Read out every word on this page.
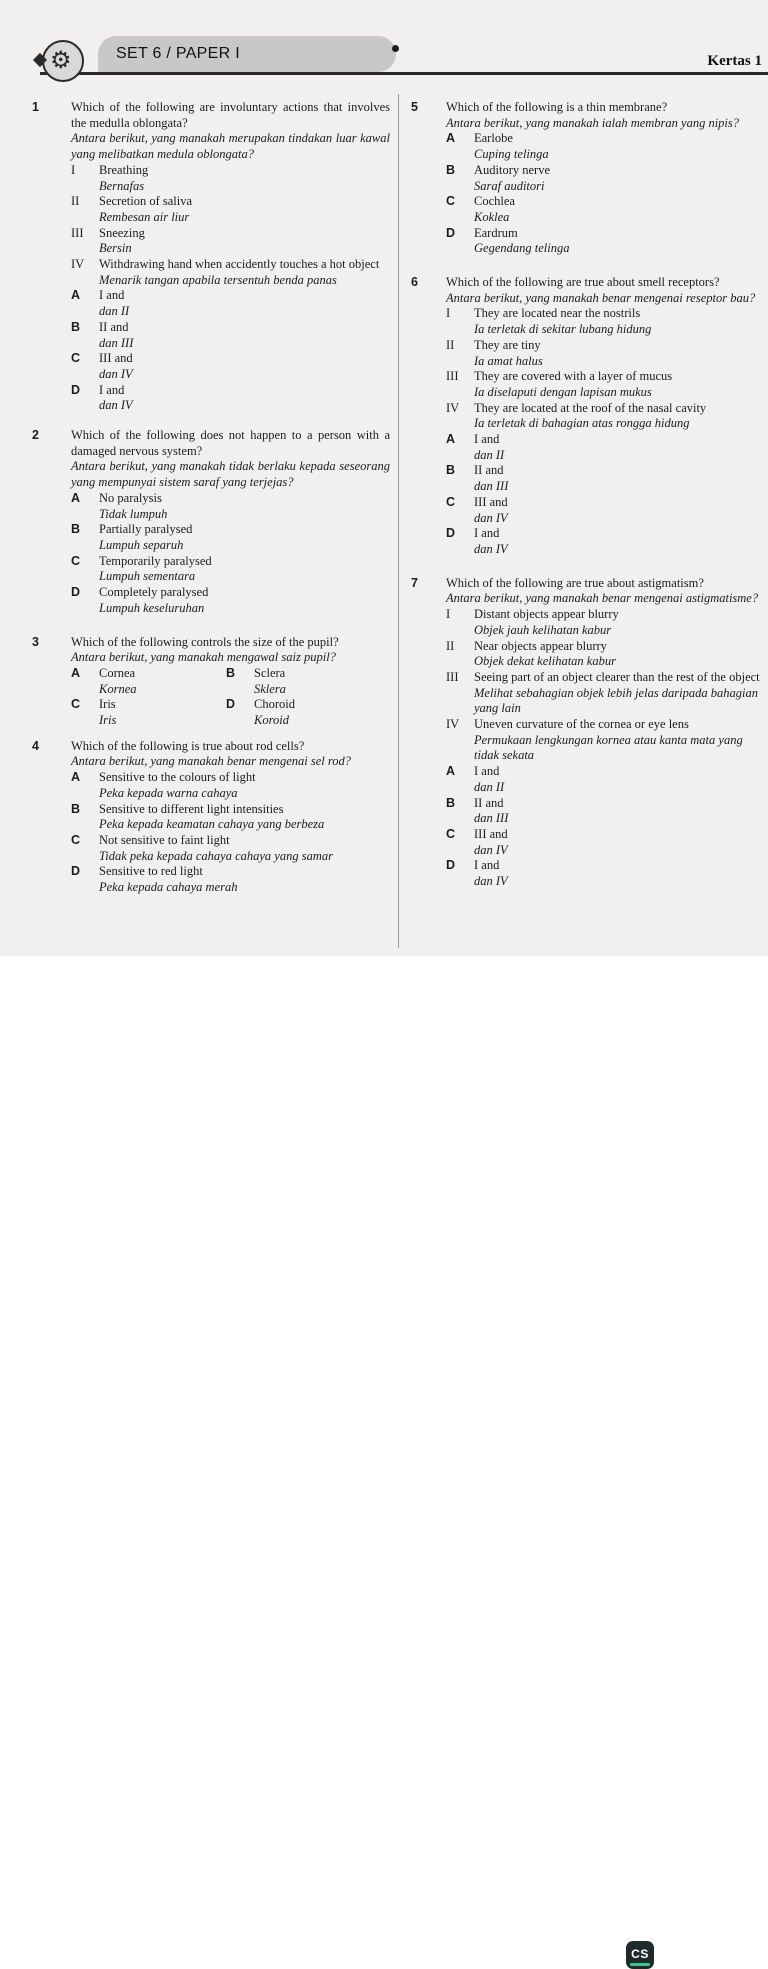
⚙	SET 6 / PAPER I	Kertas 1
1	Which of the following are involuntary actions that involves the medulla oblongata?
Antara berikut, yang manakah merupakan tindakan luar kawal yang melibatkan medula oblongata?
I Breathing
Bernafas
II Secretion of saliva
Rembesan air liur
III Sneezing
Bersin
IV Withdrawing hand when accidently touches a hot object
Menarik tangan apabila tersentuh benda panas
A I and
dan II
B II and
dan III
C III and
dan IV
D I and
dan IV
2	Which of the following does not happen to a person with a damaged nervous system?
Antara berikut, yang manakah tidak berlaku kepada seseorang yang mempunyai sistem saraf yang terjejas?
A No paralysis
Tidak lumpuh
B Partially paralysed
Lumpuh separuh
C Temporarily paralysed
Lumpuh sementara
D Completely paralysed
Lumpuh keseluruhan
3	Which of the following controls the size of the pupil?
Antara berikut, yang manakah mengawal saiz pupil?
A Cornea
Kornea
B Sclera
Sklera
C Iris
Iris
D Choroid
Koroid
4	Which of the following is true about rod cells?
Antara berikut, yang manakah benar mengenai sel rod?
A Sensitive to the colours of light
Peka kepada warna cahaya
B Sensitive to different light intensities
Peka kepada keamatan cahaya yang berbeza
C Not sensitive to faint light
Tidak peka kepada cahaya cahaya yang samar
D Sensitive to red light
Peka kepada cahaya merah
5 Which of the following is a thin membrane?
Antara berikut, yang manakah ialah membran yang nipis?
A Earlobe
Cuping telinga
B Auditory nerve
Saraf auditori
C Cochlea
Koklea
D Eardrum
Gegendang telinga
6 Which of the following are true about smell receptors?
Antara berikut, yang manakah benar mengenai reseptor bau?
I They are located near the nostrils
Ia terletak di sekitar lubang hidung
II They are tiny
Ia amat halus
III They are covered with a layer of mucus
Ia diselaputi dengan lapisan mukus
IV They are located at the roof of the nasal cavity
Ia terletak di bahagian atas rongga hidung
A I and
dan II
B II and
dan III
C III and
dan IV
D I and
dan IV
7 Which of the following are true about astigmatism?
Antara berikut, yang manakah benar mengenai astigmatisme?
I Distant objects appear blurry
Objek jauh kelihatan kabur
II Near objects appear blurry
Objek dekat kelihatan kabur
III Seeing part of an object clearer than the rest of the object
Melihat sebahagian objek lebih jelas daripada bahagian yang lain
IV Uneven curvature of the cornea or eye lens
Permukaan lengkungan kornea atau kanta mata yang tidak sekata
A I and
dan II
B II and
dan III
C III and
dan IV
D I and
dan IV
CS
